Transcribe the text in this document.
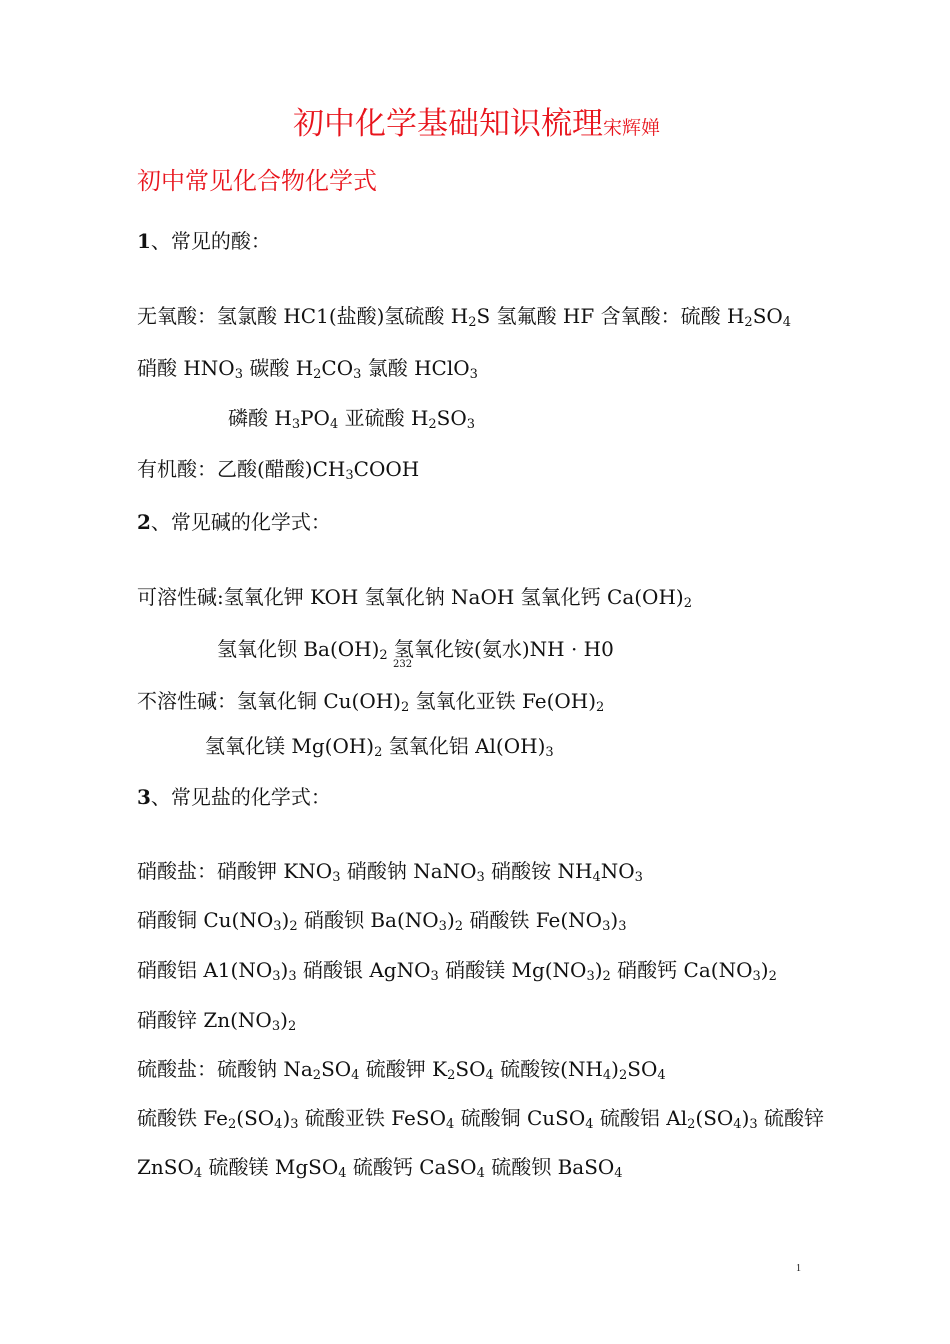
初中化学基础知识梳理宋辉婵
初中常见化合物化学式
1、常见的酸：
无氧酸：氢氯酸 HC1(盐酸)氢硫酸 $H_2S$ 氢氟酸 HF 含氧酸：硫酸 $H_2SO_4$
硝酸 $HNO_3$ 碳酸 $H_2CO_3$ 氯酸 HClO$_3$
磷酸 $H_3PO_4$ 亚硫酸 $H_2SO_3$
有机酸：乙酸(醋酸)$CH_3COOH$
2、常见碱的化学式：
可溶性碱:氢氧化钾 KOH 氢氧化钠 NaOH 氢氧化钙 $Ca(OH)_2$
氢氧化钡 $Ba(OH)_2$ 氢氧化铵(氨水)NH · H0
232
不溶性碱：氢氧化铜 $Cu(OH)_2$ 氢氧化亚铁 $Fe(OH)_2$
氢氧化镁 $Mg(OH)_2$ 氢氧化铝 $Al(OH)_3$
3、常见盐的化学式：
硝酸盐：硝酸钾 $KNO_3$ 硝酸钠 NaNO$_3$ 硝酸铵 $NH_4NO_3$
硝酸铜 $Cu(NO_3)_2$ 硝酸钡 $Ba(NO_3)_2$ 硝酸铁 $Fe(NO_3)_3$
硝酸铝 $A1(NO_3)_3$ 硝酸银 AgNO$_3$ 硝酸镁 $Mg(NO_3)_2$ 硝酸钙 $Ca(NO_3)_2$
硝酸锌 $Zn(NO_3)_2$
硫酸盐：硫酸钠 $Na_2SO_4$ 硫酸钾 $K_2SO_4$ 硫酸铵$(NH_4)_2SO_4$
硫酸铁 $Fe_2(SO_4)_3$ 硫酸亚铁 FeSO$_4$ 硫酸铜 CuSO$_4$ 硫酸铝 $Al_2(SO_4)_3$ 硫酸锌
ZnSO$_4$ 硫酸镁 MgSO$_4$ 硫酸钙 CaSO$_4$ 硫酸钡 BaSO$_4$
1
